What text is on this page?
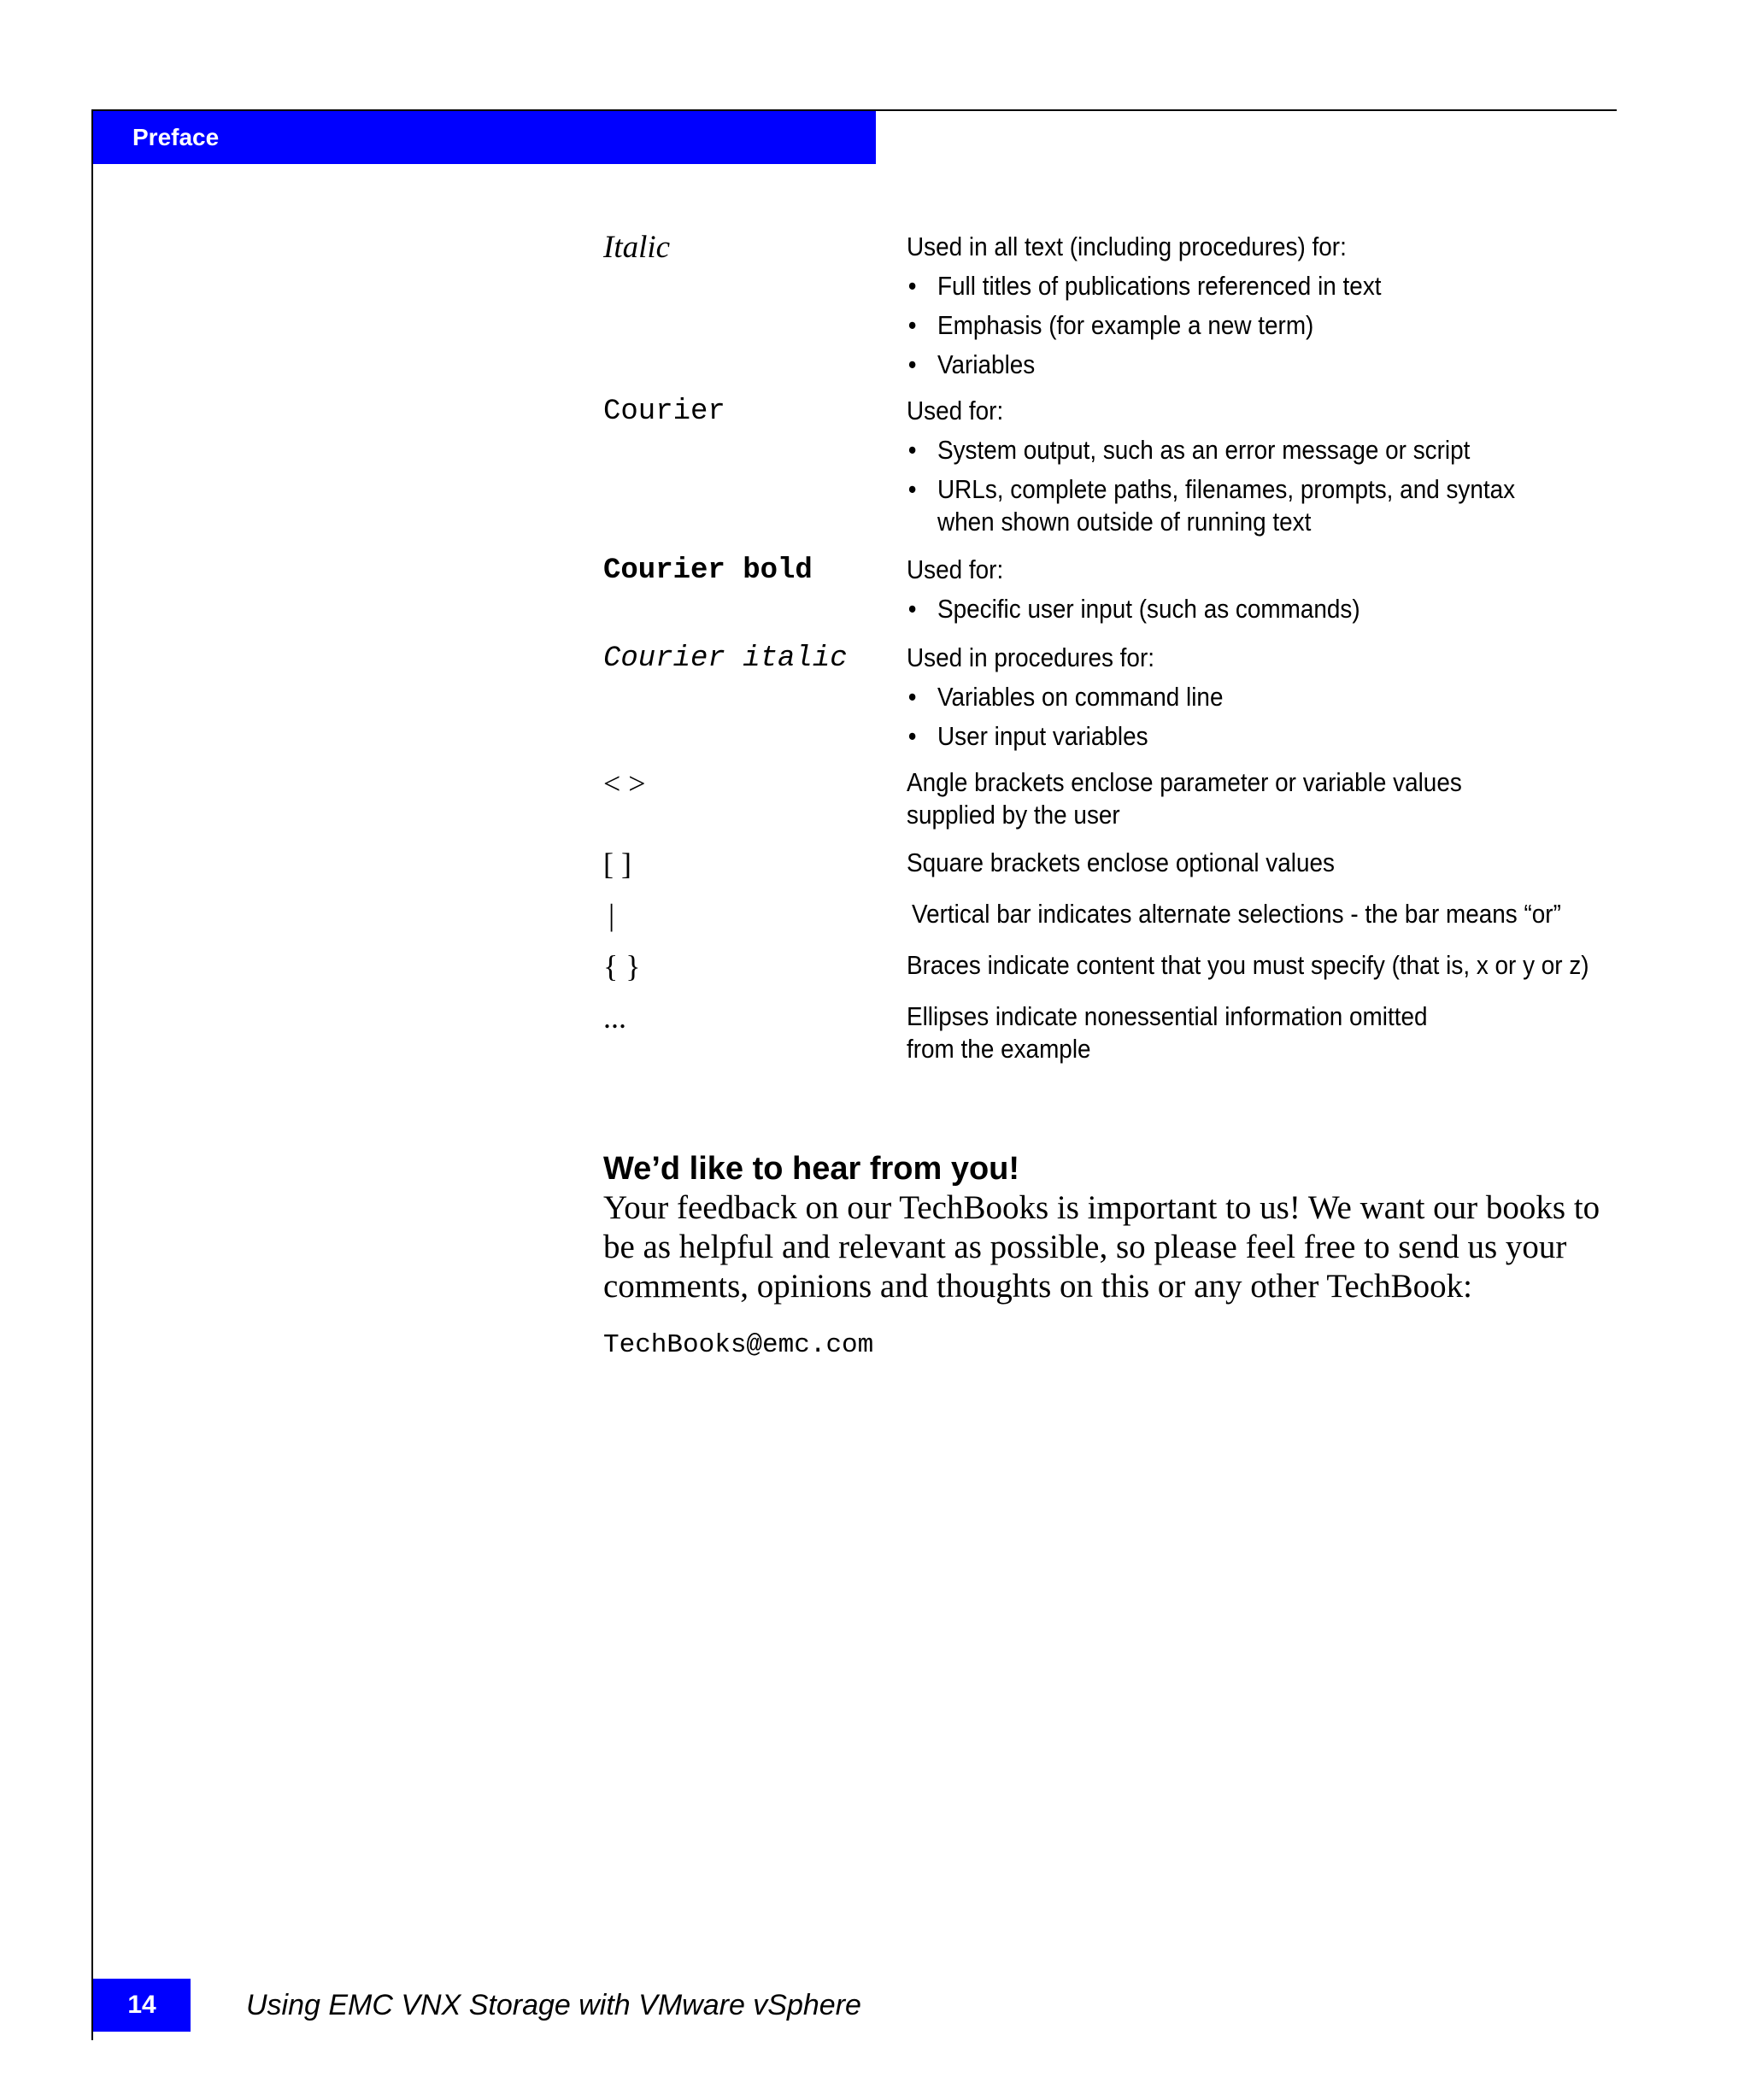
Preface
Italic	Used in all text (including procedures) for:
• Full titles of publications referenced in text
• Emphasis (for example a new term)
• Variables
Courier	Used for:
• System output, such as an error message or script
• URLs, complete paths, filenames, prompts, and syntax when shown outside of running text
Courier bold	Used for:
• Specific user input (such as commands)
Courier italic	Used in procedures for:
• Variables on command line
• User input variables
< >	Angle brackets enclose parameter or variable values supplied by the user
[ ]	Square brackets enclose optional values
|	Vertical bar indicates alternate selections - the bar means “or”
{ }	Braces indicate content that you must specify (that is, x or y or z)
...	Ellipses indicate nonessential information omitted from the example
We’d like to hear from you!
Your feedback on our TechBooks is important to us! We want our books to be as helpful and relevant as possible, so please feel free to send us your comments, opinions and thoughts on this or any other TechBook:
TechBooks@emc.com
14	Using EMC VNX Storage with VMware vSphere
